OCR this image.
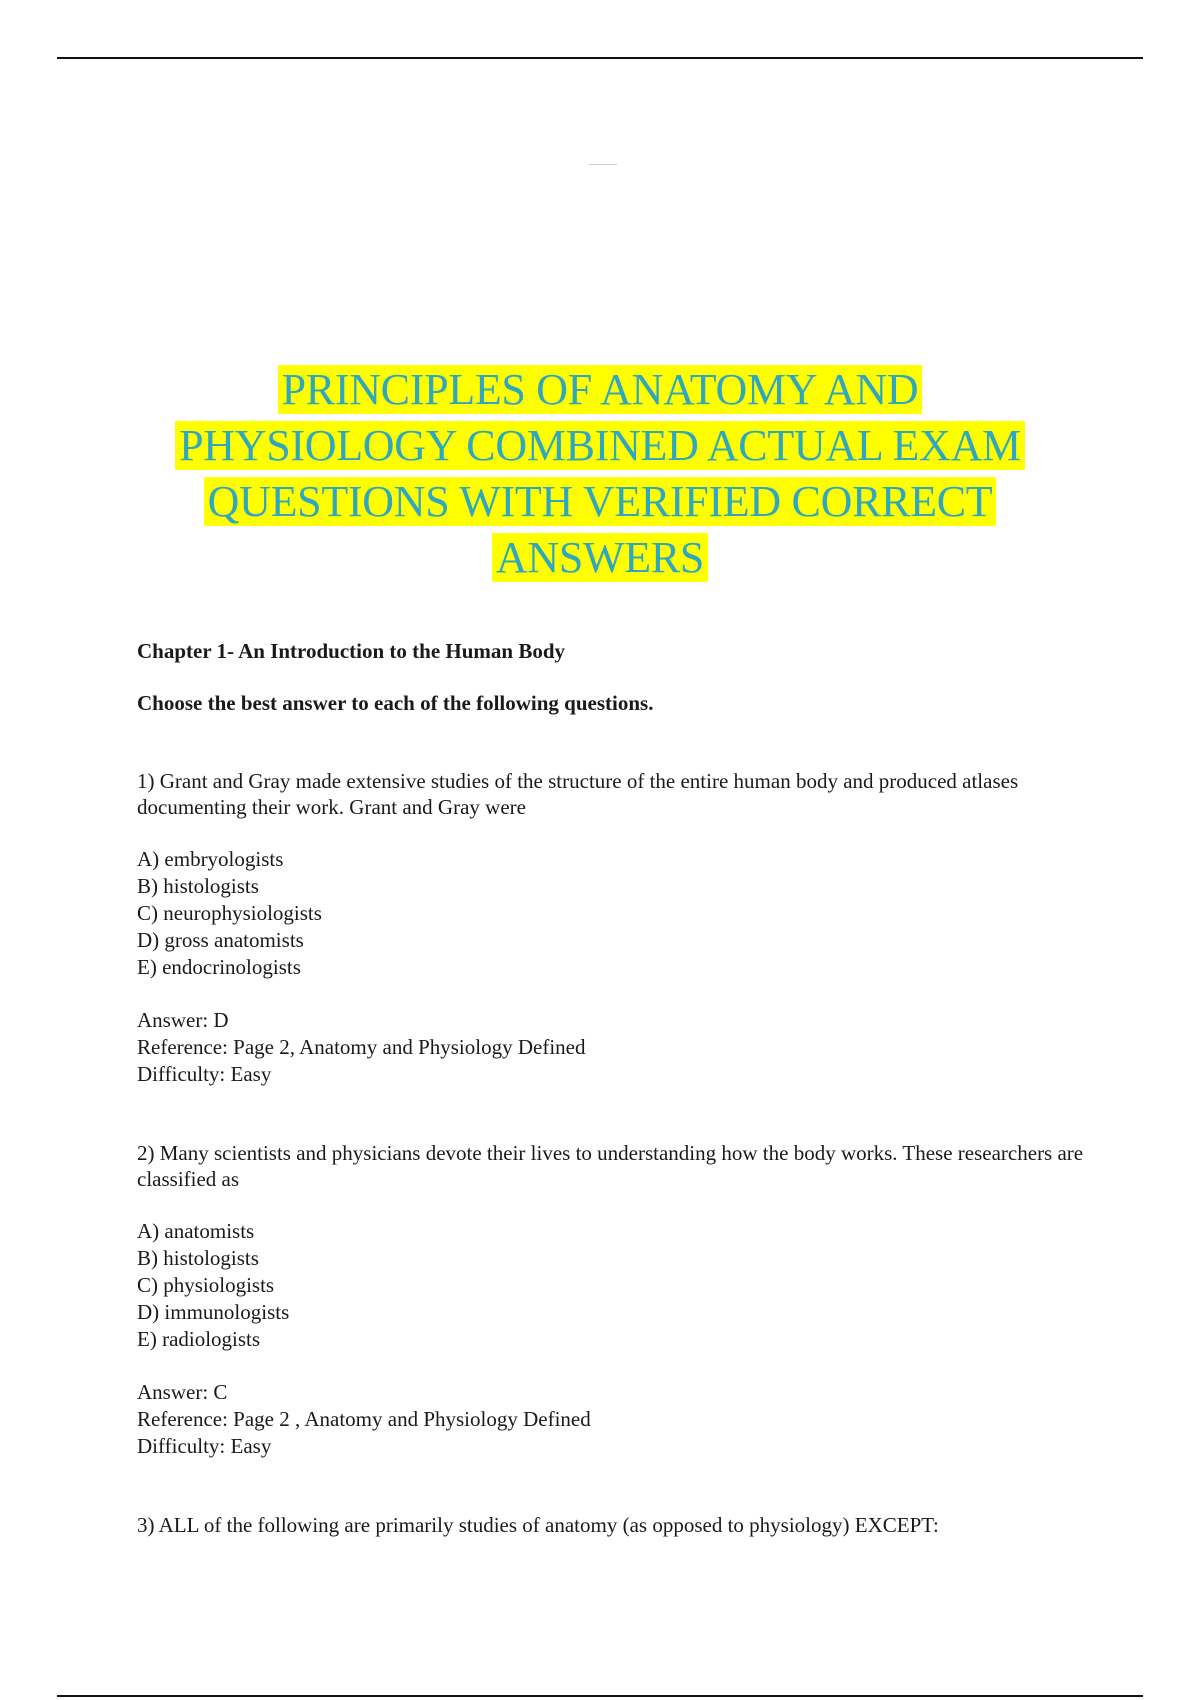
PRINCIPLES OF ANATOMY AND
PHYSIOLOGY COMBINED ACTUAL EXAM
QUESTIONS WITH VERIFIED CORRECT
ANSWERS

Chapter 1- An Introduction to the Human Body

Choose the best answer to each of the following questions.

1) Grant and Gray made extensive studies of the structure of the entire human body and produced atlases documenting their work. Grant and Gray were

A) embryologists
B) histologists
C) neurophysiologists
D) gross anatomists
E) endocrinologists
Answer: D
Reference: Page 2, Anatomy and Physiology Defined
Difficulty: Easy

2) Many scientists and physicians devote their lives to understanding how the body works. These researchers are classified as

A) anatomists
B) histologists
C) physiologists
D) immunologists
E) radiologists
Answer: C
Reference: Page 2 , Anatomy and Physiology Defined
Difficulty: Easy

3) ALL of the following are primarily studies of anatomy (as opposed to physiology) EXCEPT:
